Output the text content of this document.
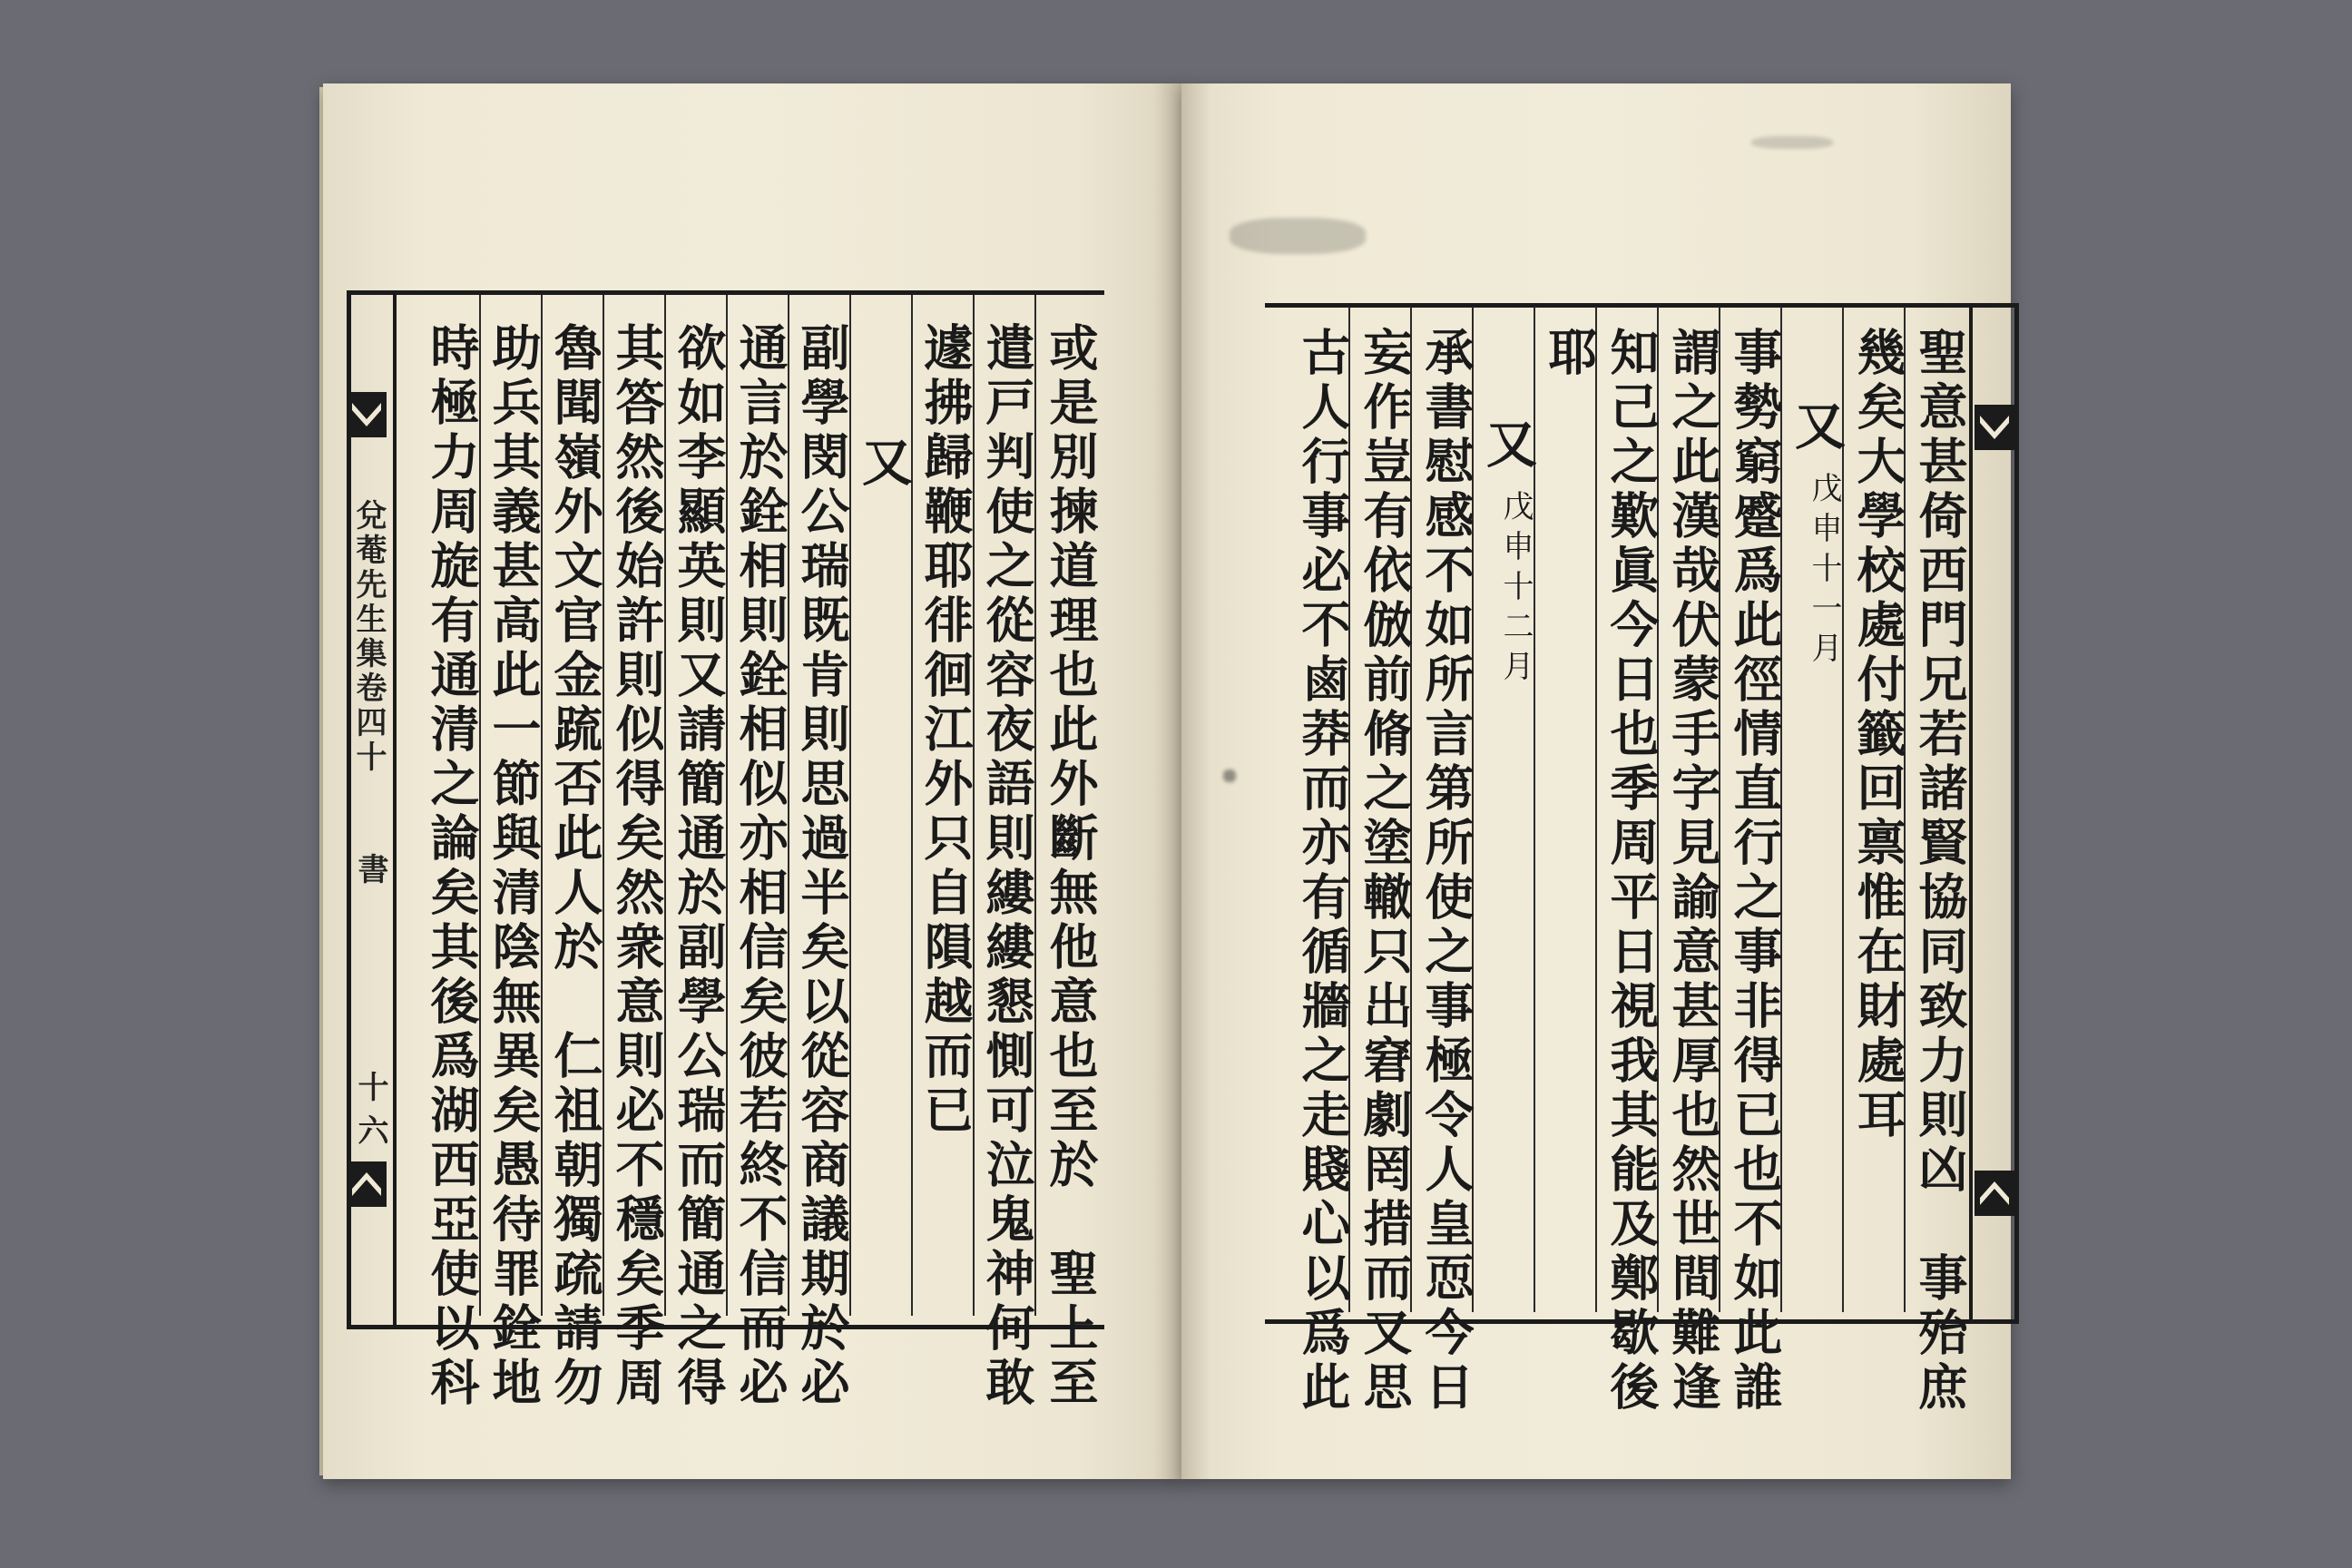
兌菴先生集卷四十
書
十六	或是別揀道理也此外斷無他意也至於　聖上至
遣戸判使之從容夜語則縷縷懇惻可泣鬼神何敢
遽拂歸鞭耶徘徊江外只自隕越而已
又
副學閔公瑞既肯則思過半矣以從容商議期於必
通言於銓相則銓相似亦相信矣彼若終不信而必
欲如李顯英則又請簡通於副學公瑞而簡通之得
其答然後始許則似得矣然衆意則必不穩矣季周
魯聞嶺外文官金䟽否此人於　仁祖朝獨疏請勿
助兵其義甚高此一節與清陰無異矣愚待罪銓地
時極力周旋有通清之論矣其後爲湖西亞使以科	聖意甚倚西門兄若諸賢協同致力則凶　事殆庶
幾矣大學校處付籤回禀惟在財處耳
又
戊申十一月
事勢窮蹙爲此徑情直行之事非得已也不如此誰
謂之此漢哉伏蒙手字見諭意甚厚也然世間難逢
知己之歎眞今日也季周平日視我其能及鄭歇後
耶
又
戊申十二月
承書慰感不如所言第所使之事極令人皇恧今日
妄作豈有依倣前脩之塗轍只出窘劇罔措而又思
古人行事必不鹵莽而亦有循牆之走賤心以爲此
